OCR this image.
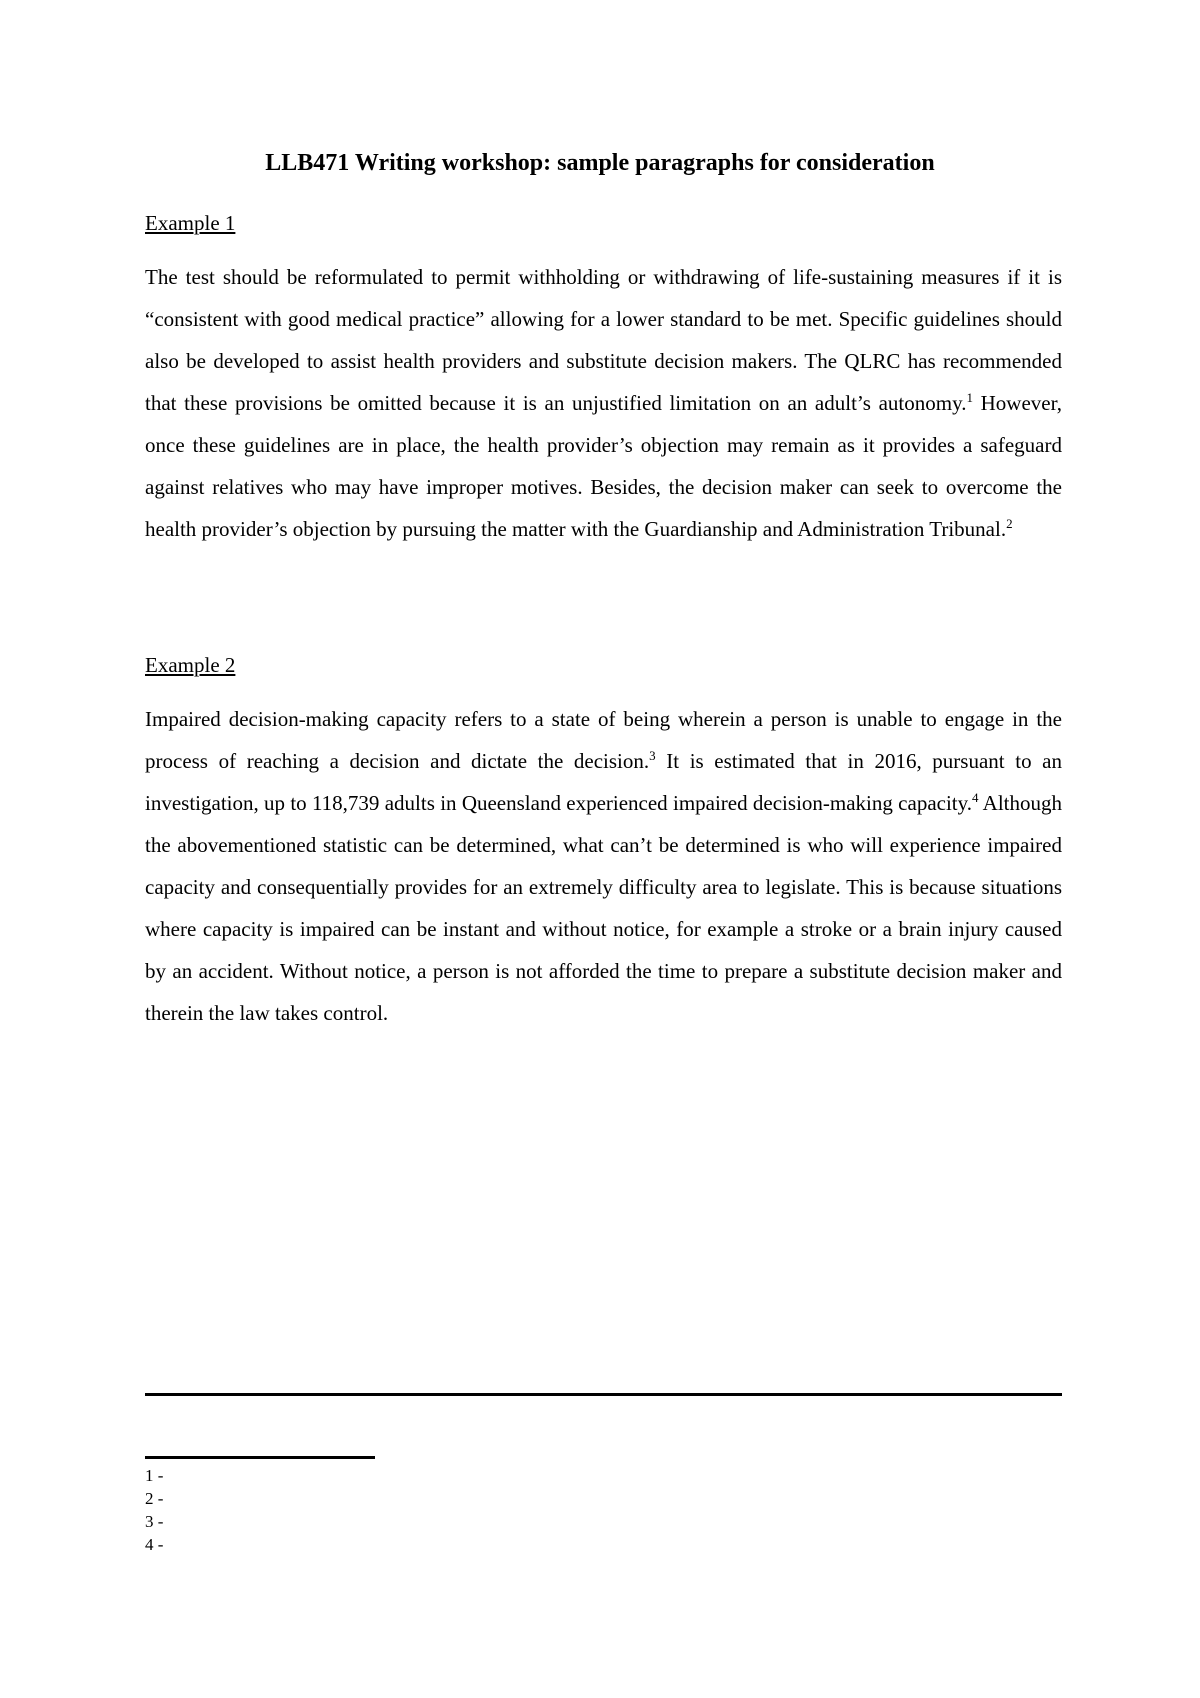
LLB471 Writing workshop: sample paragraphs for consideration
Example 1

The test should be reformulated to permit withholding or withdrawing of life-sustaining measures if it is “consistent with good medical practice” allowing for a lower standard to be met. Specific guidelines should also be developed to assist health providers and substitute decision makers. The QLRC has recommended that these provisions be omitted because it is an unjustified limitation on an adult’s autonomy.$^1$ However, once these guidelines are in place, the health provider’s objection may remain as it provides a safeguard against relatives who may have improper motives. Besides, the decision maker can seek to overcome the health provider’s objection by pursuing the matter with the Guardianship and Administration Tribunal.$^2$

Example 2

Impaired decision-making capacity refers to a state of being wherein a person is unable to engage in the process of reaching a decision and dictate the decision.$^3$ It is estimated that in 2016, pursuant to an investigation, up to 118,739 adults in Queensland experienced impaired decision-making capacity.$^4$ Although the abovementioned statistic can be determined, what can’t be determined is who will experience impaired capacity and consequentially provides for an extremely difficulty area to legislate. This is because situations where capacity is impaired can be instant and without notice, for example a stroke or a brain injury caused by an accident. Without notice, a person is not afforded the time to prepare a substitute decision maker and therein the law takes control.

1 -
2 -
3 -
4 -
